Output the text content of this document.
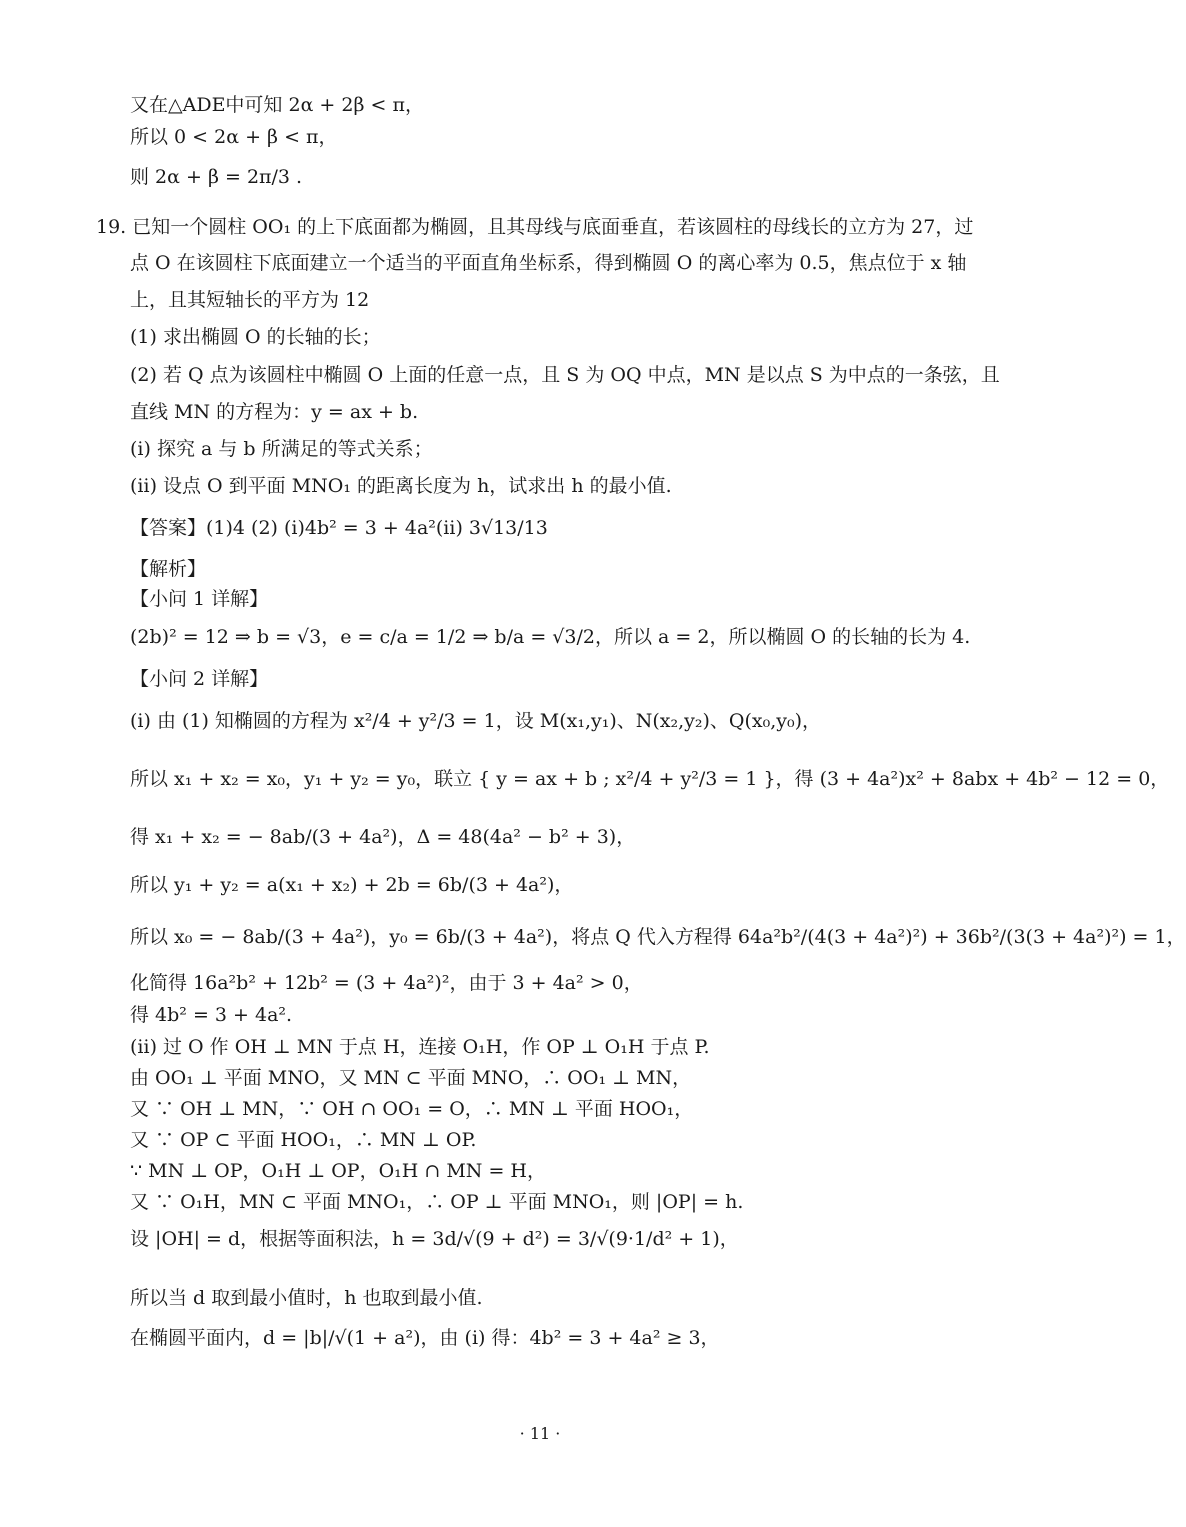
又在△ADE中可知 2α + 2β < π，
所以 0 < 2α + β < π，
则 2α + β = 2π/3 .
19. 已知一个圆柱 OO₁ 的上下底面都为椭圆，且其母线与底面垂直，若该圆柱的母线长的立方为 27，过
点 O 在该圆柱下底面建立一个适当的平面直角坐标系，得到椭圆 O 的离心率为 0.5，焦点位于 x 轴
上，且其短轴长的平方为 12
(1) 求出椭圆 O 的长轴的长；
(2) 若 Q 点为该圆柱中椭圆 O 上面的任意一点，且 S 为 OQ 中点，MN 是以点 S 为中点的一条弦，且
直线 MN 的方程为：y = ax + b.
(i) 探究 a 与 b 所满足的等式关系；
(ⅱ) 设点 O 到平面 MNO₁ 的距离长度为 h，试求出 h 的最小值.
【答案】(1)4 (2) (i)4b² = 3 + 4a²(ⅱ) 3√13/13
【解析】
【小问 1 详解】
(2b)² = 12 ⇒ b = √3，e = c/a = 1/2 ⇒ b/a = √3/2，所以 a = 2，所以椭圆 O 的长轴的长为 4.
【小问 2 详解】
(i) 由 (1) 知椭圆的方程为 x²/4 + y²/3 = 1，设 M(x₁,y₁)、N(x₂,y₂)、Q(x₀,y₀)，
所以 x₁ + x₂ = x₀，y₁ + y₂ = y₀，联立 { y = ax + b ; x²/4 + y²/3 = 1 }，得 (3 + 4a²)x² + 8abx + 4b² − 12 = 0，
得 x₁ + x₂ = − 8ab/(3 + 4a²)，Δ = 48(4a² − b² + 3)，
所以 y₁ + y₂ = a(x₁ + x₂) + 2b = 6b/(3 + 4a²)，
所以 x₀ = − 8ab/(3 + 4a²)，y₀ = 6b/(3 + 4a²)，将点 Q 代入方程得 64a²b²/(4(3 + 4a²)²) + 36b²/(3(3 + 4a²)²) = 1，
化简得 16a²b² + 12b² = (3 + 4a²)²，由于 3 + 4a² > 0，
得 4b² = 3 + 4a².
(ⅱ) 过 O 作 OH ⊥ MN 于点 H，连接 O₁H，作 OP ⊥ O₁H 于点 P.
由 OO₁ ⊥ 平面 MNO，又 MN ⊂ 平面 MNO，∴ OO₁ ⊥ MN，
又 ∵ OH ⊥ MN，∵ OH ∩ OO₁ = O，∴ MN ⊥ 平面 HOO₁，
又 ∵ OP ⊂ 平面 HOO₁，∴ MN ⊥ OP.
∵ MN ⊥ OP，O₁H ⊥ OP，O₁H ∩ MN = H，
又 ∵ O₁H，MN ⊂ 平面 MNO₁，∴ OP ⊥ 平面 MNO₁，则 |OP| = h.
设 |OH| = d，根据等面积法，h = 3d/√(9 + d²) = 3/√(9·1/d² + 1)，
所以当 d 取到最小值时，h 也取到最小值.
在椭圆平面内，d = |b|/√(1 + a²)，由 (i) 得：4b² = 3 + 4a² ≥ 3，
· 11 ·
